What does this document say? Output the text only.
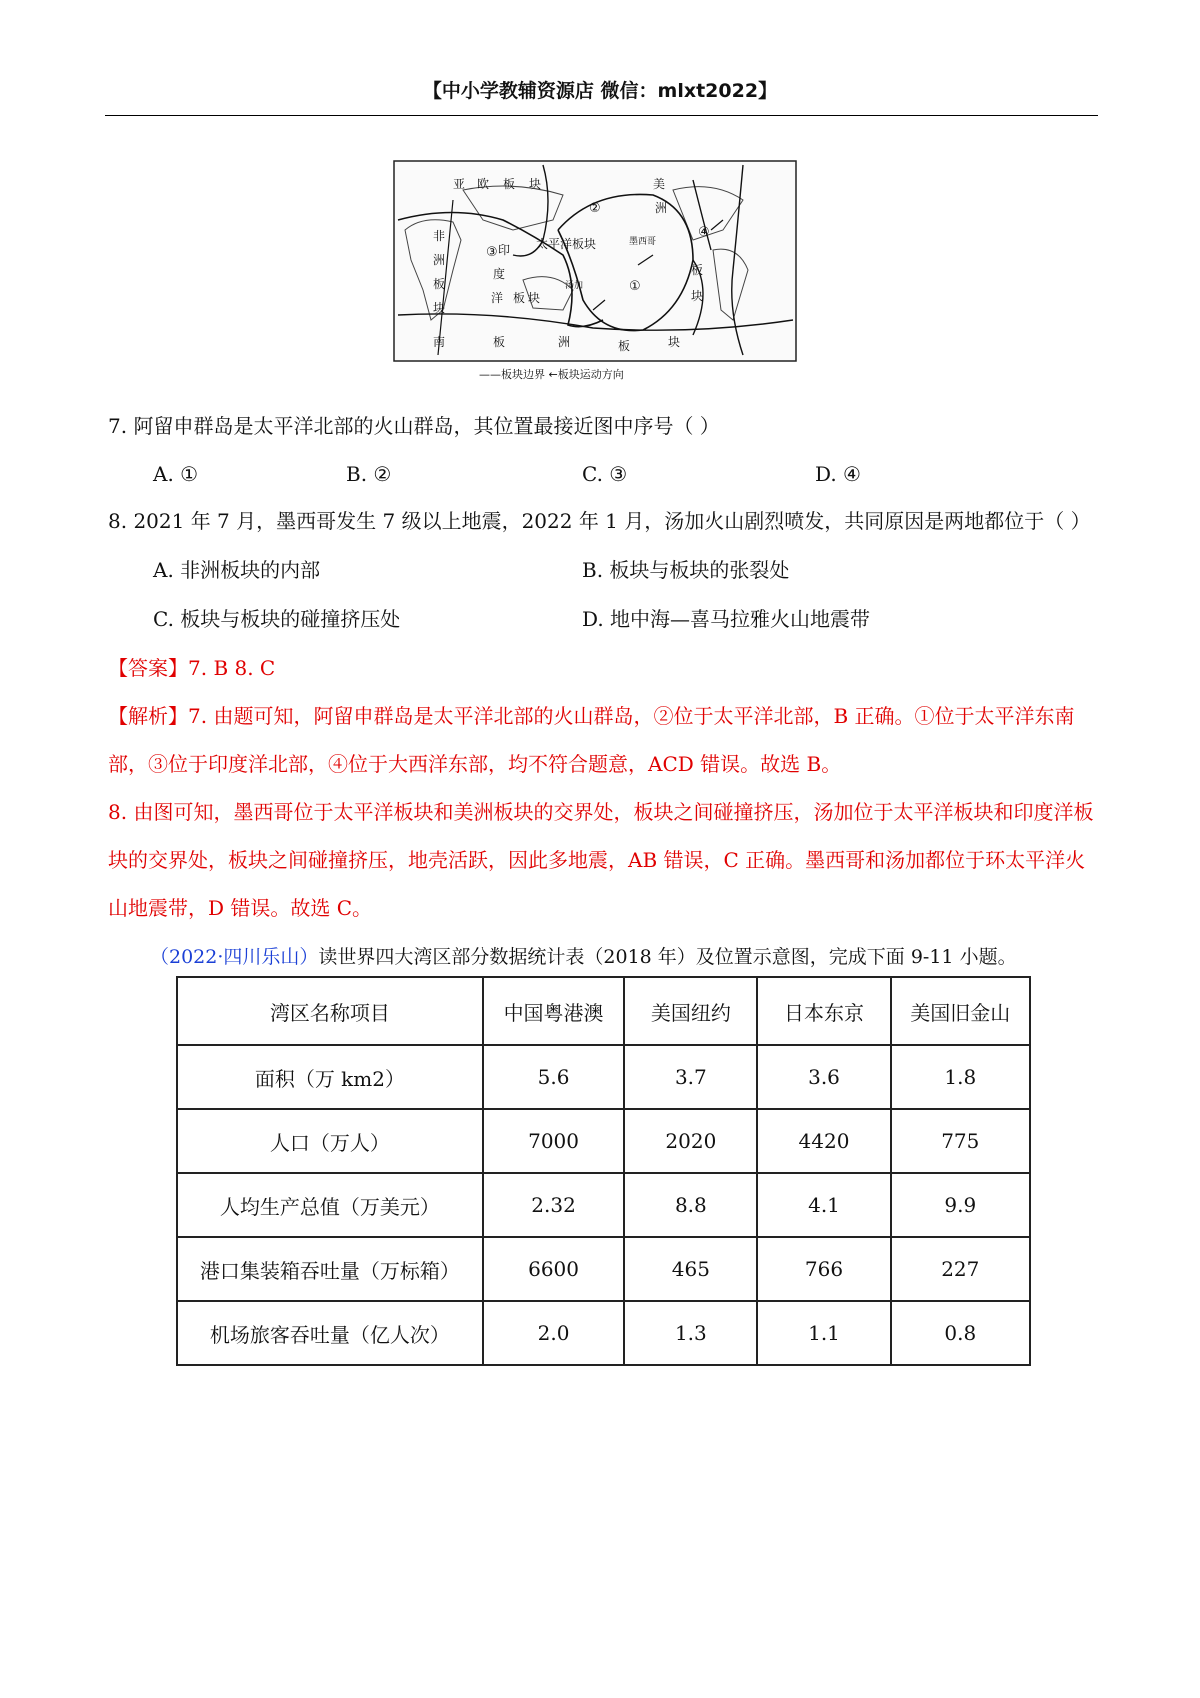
【中小学教辅资源店 微信：mlxt2022】
亚 欧 板 块
非
洲
板
块
印
度
洋 板 块
太平洋板块	墨西哥
汤加
美
洲
板
块
南	板	洲	板	块
①
②
③
④
——板块边界 ←板块运动方向
7. 阿留申群岛是太平洋北部的火山群岛，其位置最接近图中序号（ ）
A. ①	B. ②	C. ③	D. ④
8. 2021 年 7 月，墨西哥发生 7 级以上地震，2022 年 1 月，汤加火山剧烈喷发，共同原因是两地都位于（ ）
A. 非洲板块的内部	B. 板块与板块的张裂处
C. 板块与板块的碰撞挤压处	D. 地中海—喜马拉雅火山地震带
【答案】7. B 8. C
【解析】7. 由题可知，阿留申群岛是太平洋北部的火山群岛，②位于太平洋北部，B 正确。①位于太平洋东南部，③位于印度洋北部，④位于大西洋东部，均不符合题意，ACD 错误。故选 B。
8. 由图可知，墨西哥位于太平洋板块和美洲板块的交界处，板块之间碰撞挤压，汤加位于太平洋板块和印度洋板块的交界处，板块之间碰撞挤压，地壳活跃，因此多地震，AB 错误，C 正确。墨西哥和汤加都位于环太平洋火山地震带，D 错误。故选 C。
（2022·四川乐山）读世界四大湾区部分数据统计表（2018 年）及位置示意图，完成下面 9-11 小题。
湾区名称项目	中国粤港澳	美国纽约	日本东京	美国旧金山
面积（万 km2）	5.6	3.7	3.6	1.8
人口（万人）	7000	2020	4420	775
人均生产总值（万美元）	2.32	8.8	4.1	9.9
港口集装箱吞吐量（万标箱）	6600	465	766	227
机场旅客吞吐量（亿人次）	2.0	1.3	1.1	0.8
